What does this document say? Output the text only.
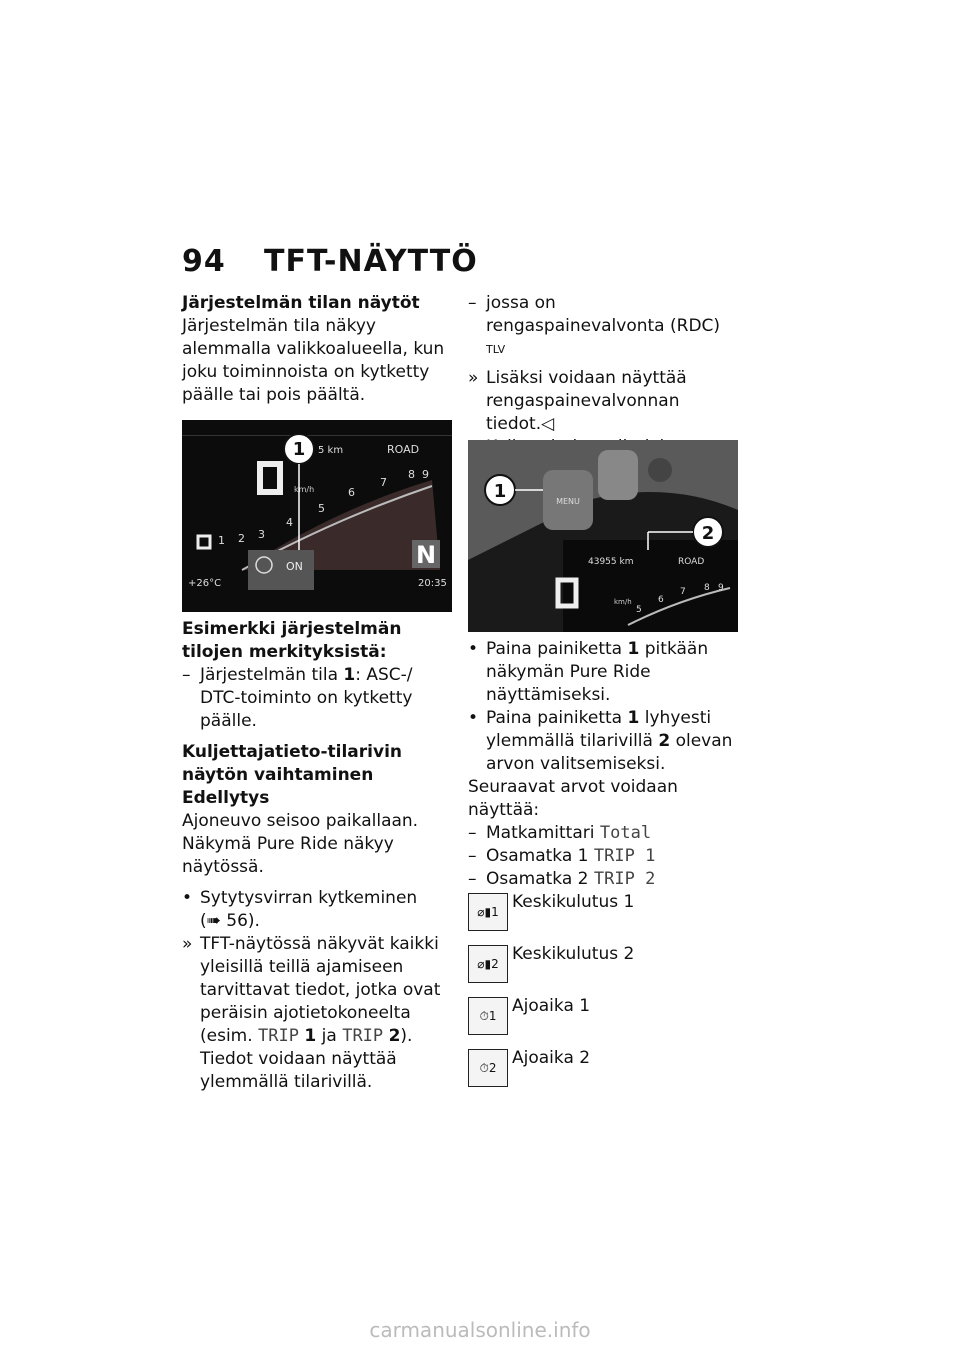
94 TFT-NÄYTTÖ

Järjestelmän tilan näytöt

Järjestelmän tila näkyy alemmalla valikkoalueella, kun joku toiminnoista on kytketty päälle tai pois päältä.

N
5 km	ROAD
km/h
1 2 3
4
5
6
7
8 9
1
ON
+26°C	20:35

Esimerkki järjestelmän tilojen merkityksistä:

– Järjestelmän tila 1: ASC-/ DTC-toiminto on kytketty päälle.

Kuljettajatieto-tilarivin näytön vaihtaminen

Edellytys

Ajoneuvo seisoo paikallaan. Näkymä Pure Ride näkyy näytössä.

• Sytytysvirran kytkeminen
(➠ 56).

» TFT-näytössä näkyvät kaikki yleisillä teillä ajamiseen tarvittavat tiedot, jotka ovat peräisin ajotietokoneelta (esim. TRIP 1 ja TRIP 2). Tiedot voidaan näyttää ylemmällä tilarivillä.

– jossa on rengaspainevalvonta (RDC) $^{TLV}$

» Lisäksi voidaan näyttää rengaspainevalvonnan tiedot.◁

MENU
1
2
43955 km	ROAD
km/h
5
6
7 8 9

• Paina painiketta 1 pitkään näkymän Pure Ride näyttämiseksi.

• Paina painiketta 1 lyhyesti ylemmällä tilarivillä 2 olevan arvon valitsemiseksi.

Seuraavat arvot voidaan näyttää:

– Matkamittari Total

– Osamatka 1 TRIP 1

– Osamatka 2 TRIP 2

⌀▮1 Keskikulutus 1
⌀▮2 Keskikulutus 2
⏱1 Ajoaika 1
⏱2 Ajoaika 2
carmanualsonline.info
